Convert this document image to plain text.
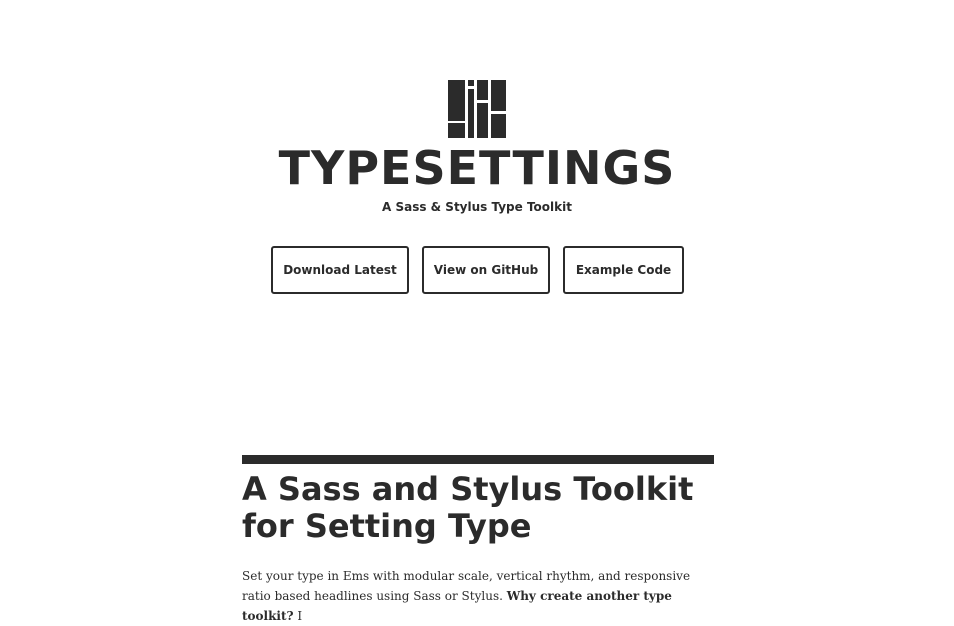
TYPESETTINGS
A Sass & Stylus Type Toolkit
Download Latest	View on GitHub	Example Code
A Sass and Stylus Toolkit
for Setting Type

Set your type in Ems with modular scale, vertical rhythm, and responsive ratio based headlines using Sass or Stylus. Why create another type toolkit? I
